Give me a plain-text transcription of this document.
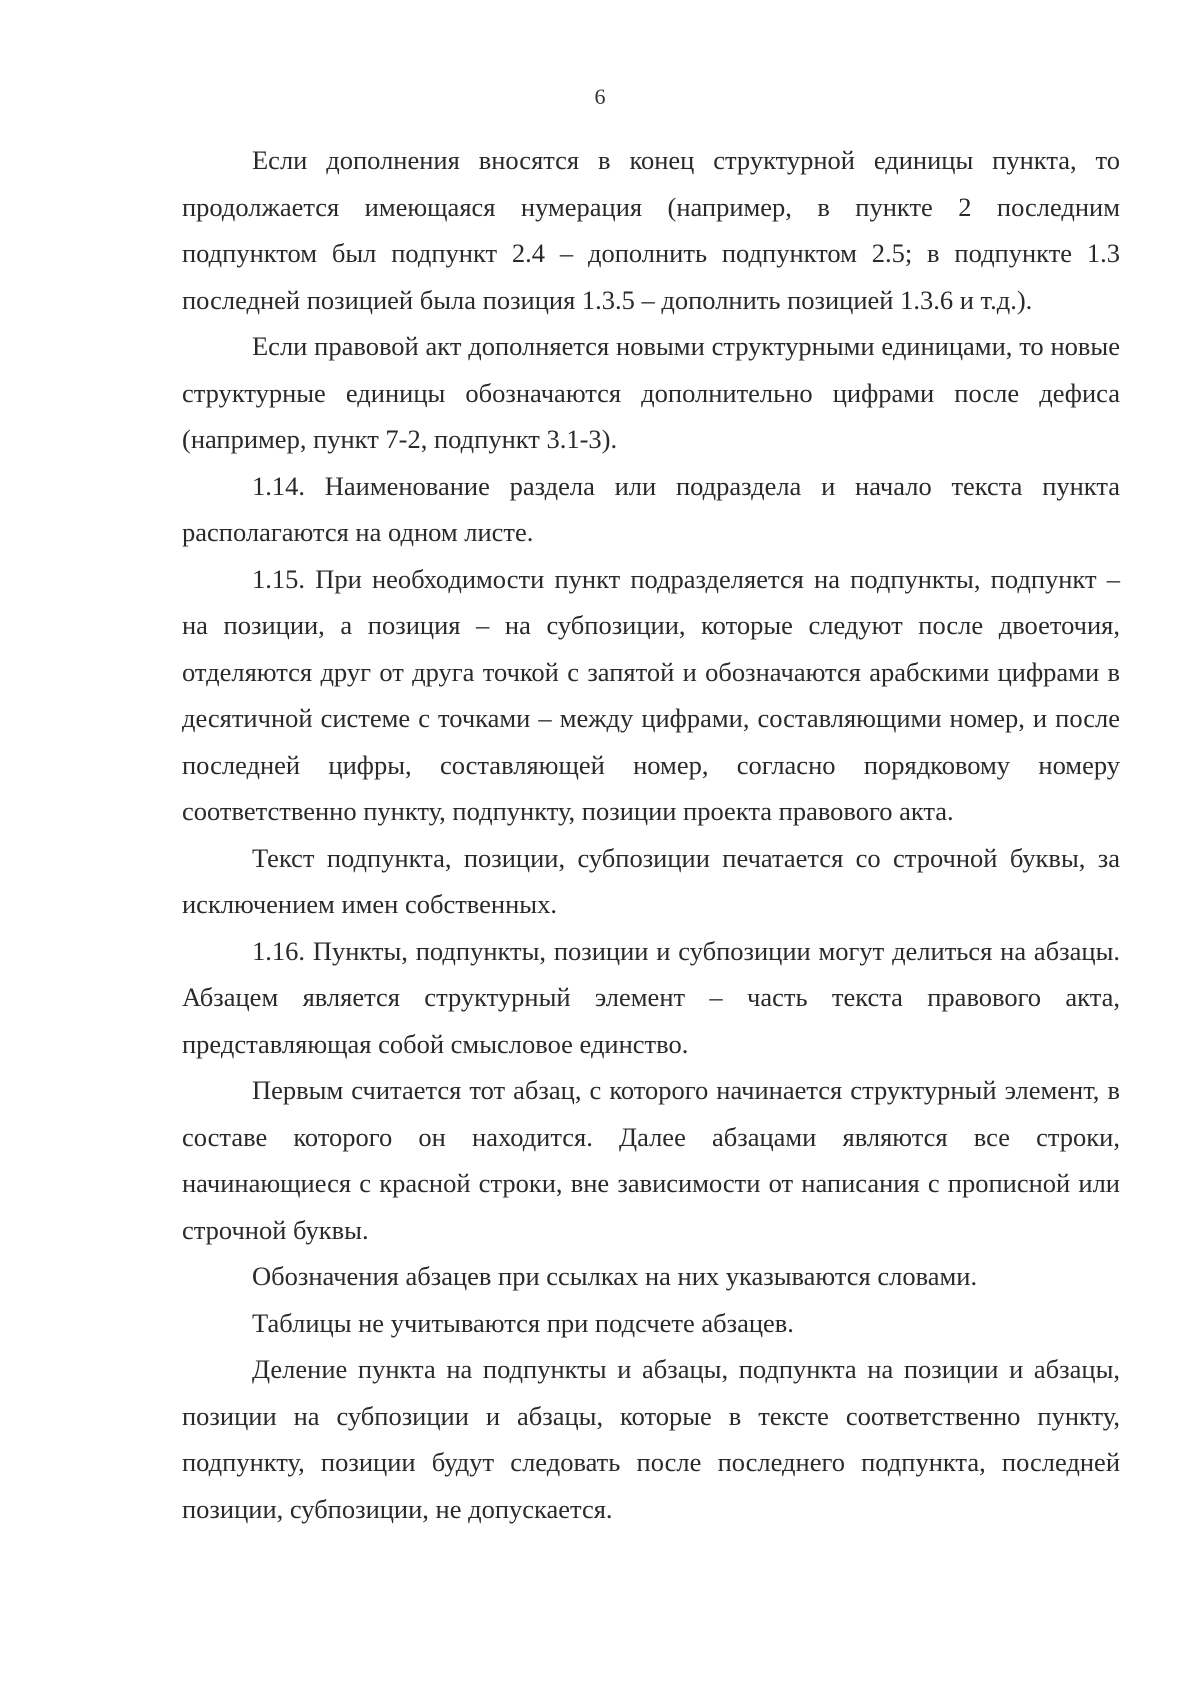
6

Если дополнения вносятся в конец структурной единицы пункта, то продолжается имеющаяся нумерация (например, в пункте 2 последним подпунктом был подпункт 2.4 – дополнить подпунктом 2.5; в подпункте 1.3 последней позицией была позиция 1.3.5 – дополнить позицией 1.3.6 и т.д.).

Если правовой акт дополняется новыми структурными единицами, то новые структурные единицы обозначаются дополнительно цифрами после дефиса (например, пункт 7-2, подпункт 3.1-3).

1.14. Наименование раздела или подраздела и начало текста пункта располагаются на одном листе.

1.15. При необходимости пункт подразделяется на подпункты, подпункт – на позиции, а позиция – на субпозиции, которые следуют после двоеточия, отделяются друг от друга точкой с запятой и обозначаются арабскими цифрами в десятичной системе с точками – между цифрами, составляющими номер, и после последней цифры, составляющей номер, согласно порядковому номеру соответственно пункту, подпункту, позиции проекта правового акта.

Текст подпункта, позиции, субпозиции печатается со строчной буквы, за исключением имен собственных.

1.16. Пункты, подпункты, позиции и субпозиции могут делиться на абзацы. Абзацем является структурный элемент – часть текста правового акта, представляющая собой смысловое единство.

Первым считается тот абзац, с которого начинается структурный элемент, в составе которого он находится. Далее абзацами являются все строки, начинающиеся с красной строки, вне зависимости от написания с прописной или строчной буквы.

Обозначения абзацев при ссылках на них указываются словами.

Таблицы не учитываются при подсчете абзацев.

Деление пункта на подпункты и абзацы, подпункта на позиции и абзацы, позиции на субпозиции и абзацы, которые в тексте соответственно пункту, подпункту, позиции будут следовать после последнего подпункта, последней позиции, субпозиции, не допускается.
